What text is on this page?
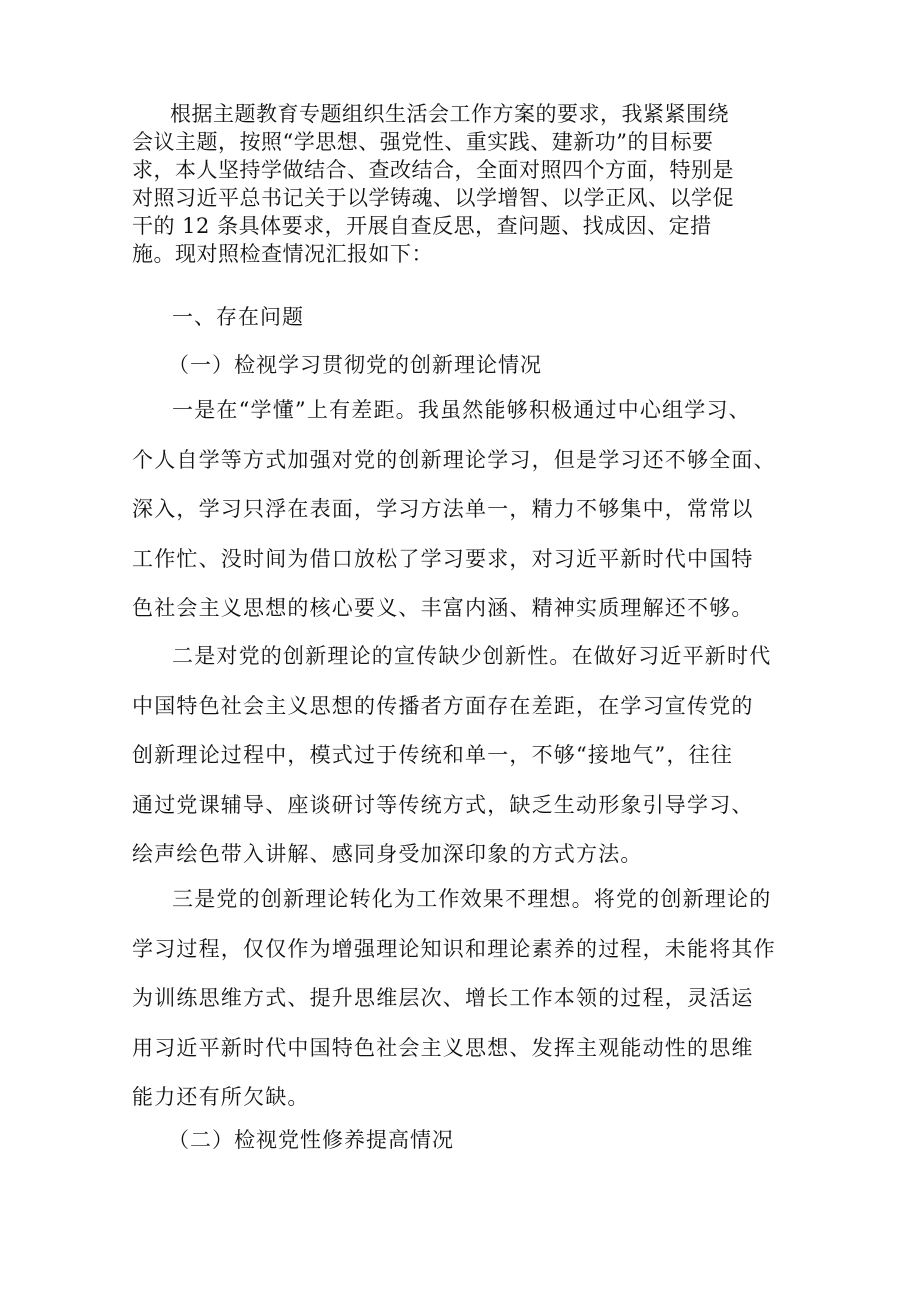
根据主题教育专题组织生活会工作方案的要求，我紧紧围绕
会议主题，按照“学思想、强党性、重实践、建新功”的目标要
求，本人坚持学做结合、查改结合，全面对照四个方面，特别是
对照习近平总书记关于以学铸魂、以学增智、以学正风、以学促
干的 12 条具体要求，开展自查反思，查问题、找成因、定措
施。现对照检查情况汇报如下：
一、存在问题
（一）检视学习贯彻党的创新理论情况
一是在“学懂”上有差距。我虽然能够积极通过中心组学习、
个人自学等方式加强对党的创新理论学习，但是学习还不够全面、
深入，学习只浮在表面，学习方法单一，精力不够集中，常常以
工作忙、没时间为借口放松了学习要求，对习近平新时代中国特
色社会主义思想的核心要义、丰富内涵、精神实质理解还不够。
二是对党的创新理论的宣传缺少创新性。在做好习近平新时代
中国特色社会主义思想的传播者方面存在差距，在学习宣传党的
创新理论过程中，模式过于传统和单一，不够“接地气”，往往
通过党课辅导、座谈研讨等传统方式，缺乏生动形象引导学习、
绘声绘色带入讲解、感同身受加深印象的方式方法。
三是党的创新理论转化为工作效果不理想。将党的创新理论的
学习过程，仅仅作为增强理论知识和理论素养的过程，未能将其作
为训练思维方式、提升思维层次、增长工作本领的过程，灵活运
用习近平新时代中国特色社会主义思想、发挥主观能动性的思维
能力还有所欠缺。
（二）检视党性修养提高情况
